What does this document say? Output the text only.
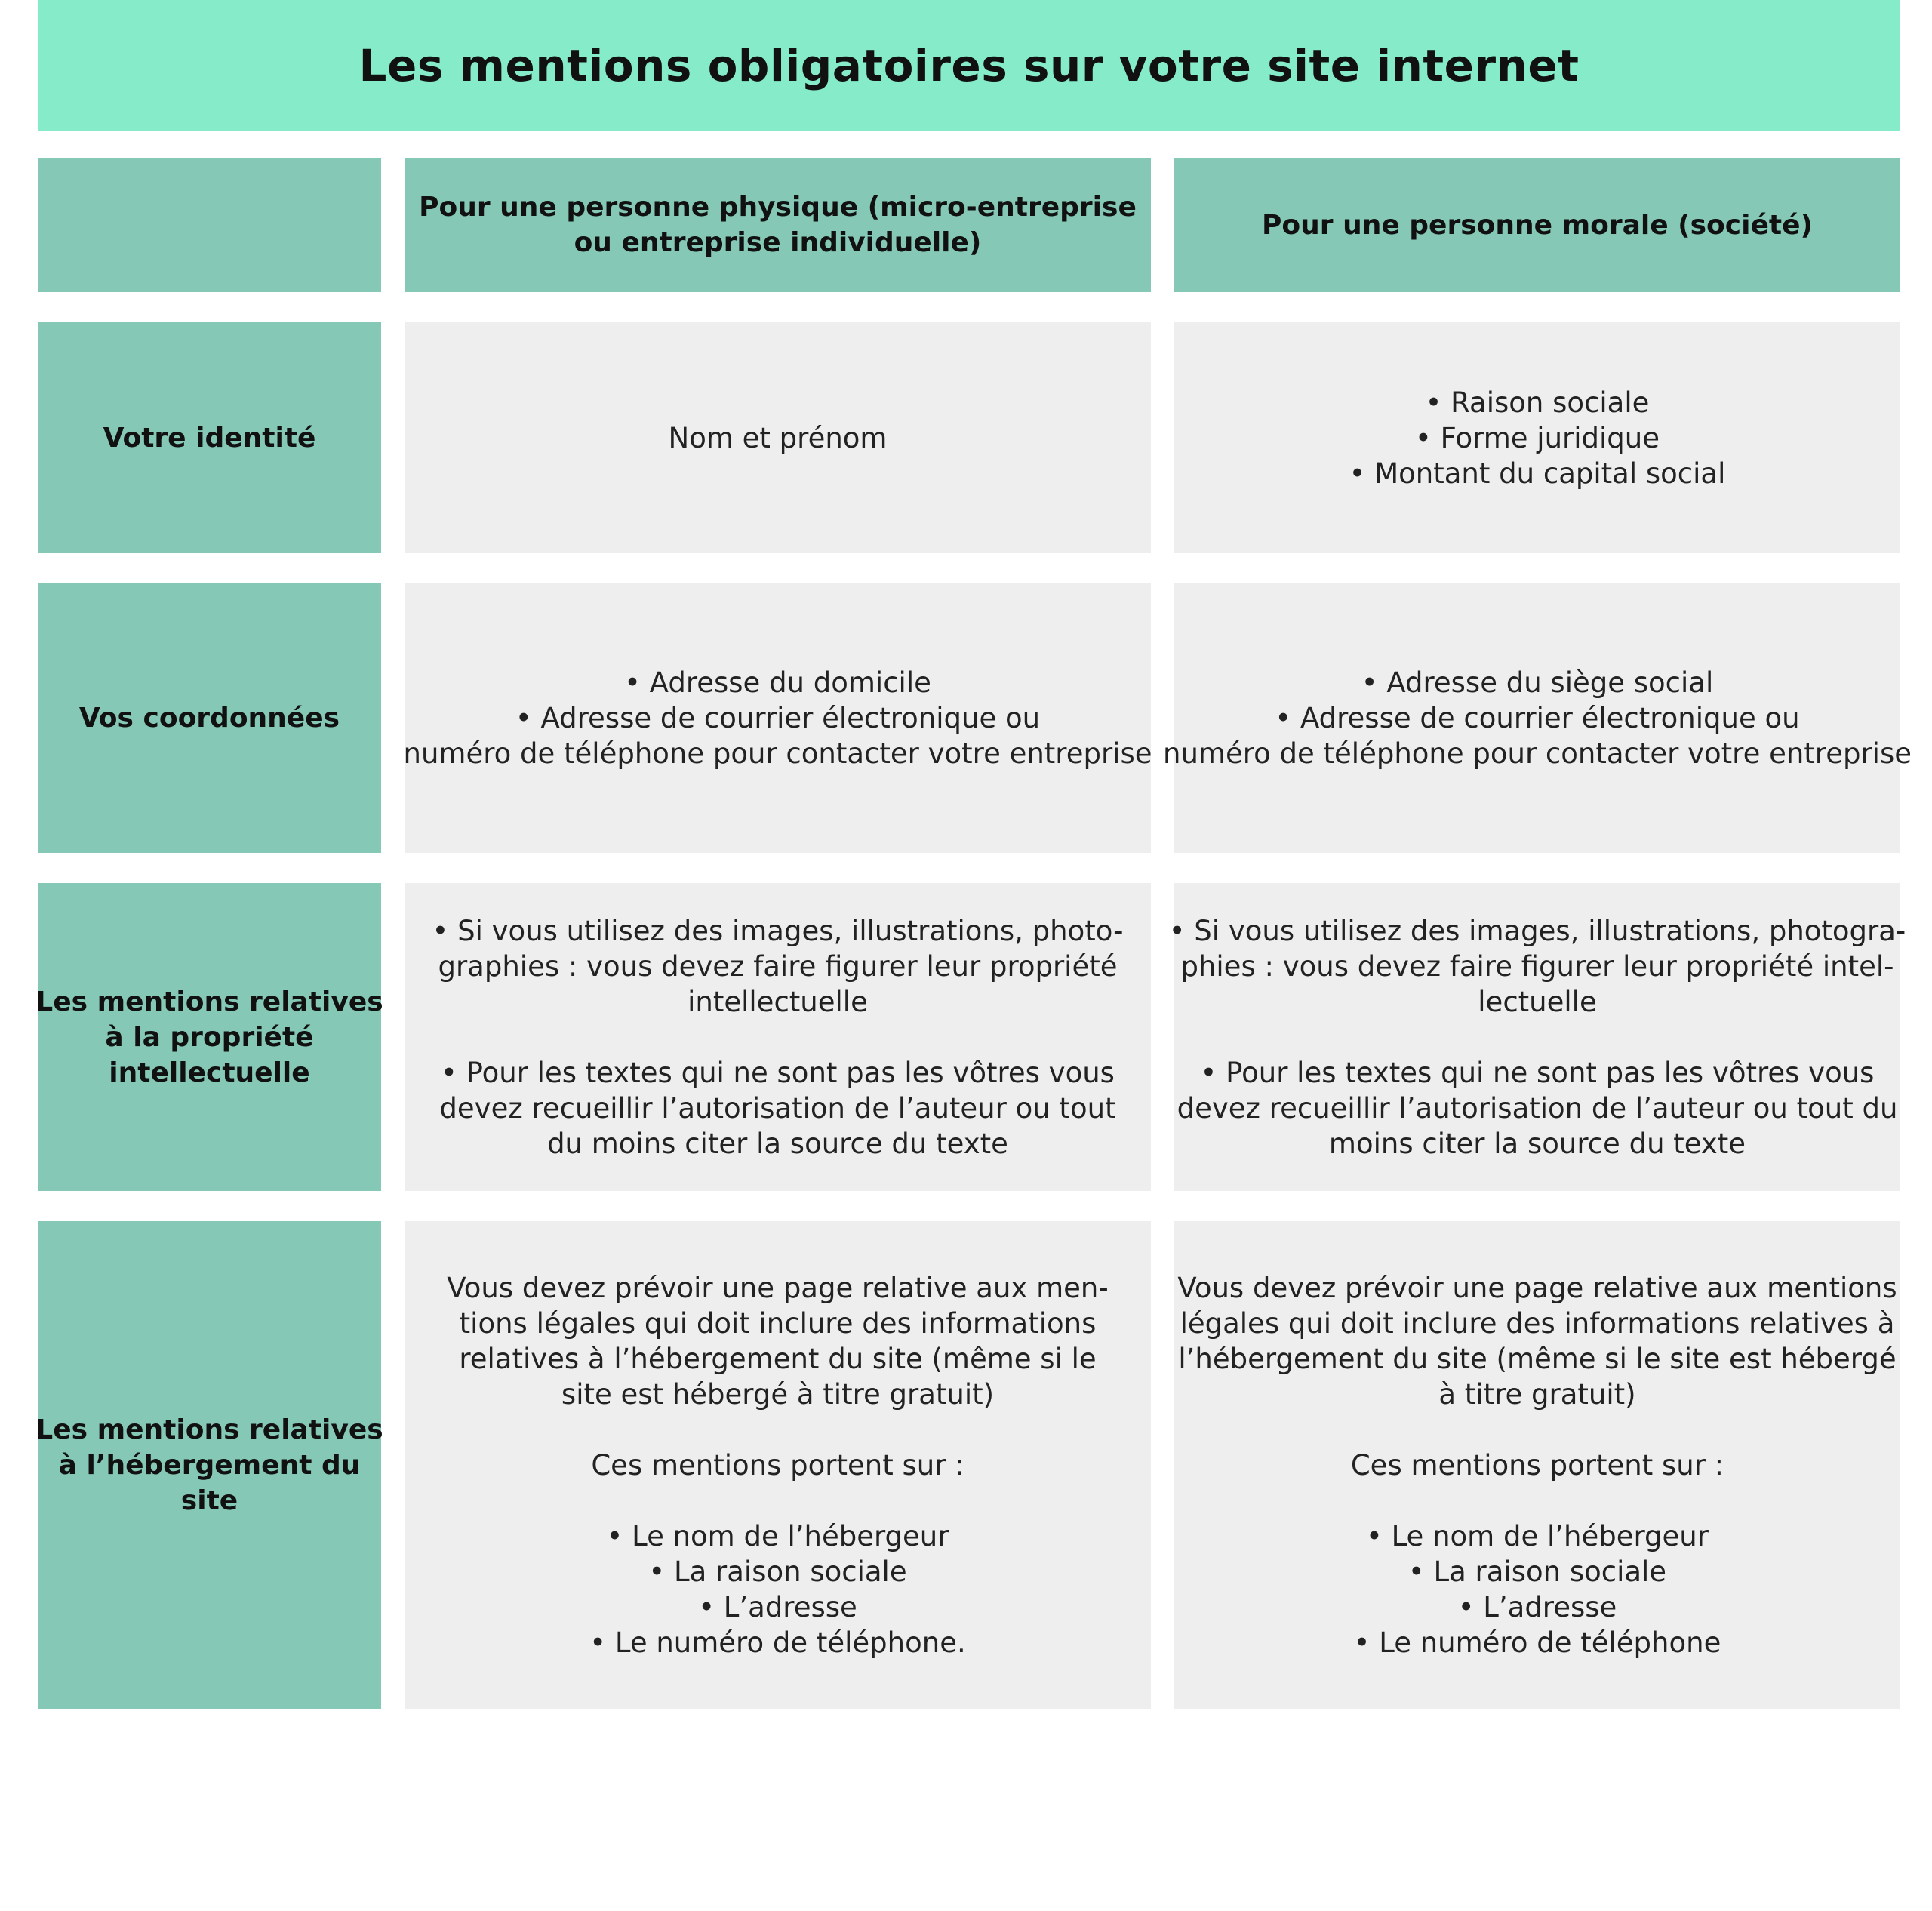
Les mentions obligatoires sur votre site internet
Pour une personne physique (micro-entreprise
ou entreprise individuelle)
Pour une personne morale (société)
Votre identité	Nom et prénom
• Raison sociale
• Forme juridique
• Montant du capital social
Vos coordonnées
• Adresse du domicile
• Adresse de courrier électronique ou
numéro de téléphone pour contacter votre entreprise
• Adresse du siège social
• Adresse de courrier électronique ou
numéro de téléphone pour contacter votre entreprise
Les mentions relatives
à la propriété
intellectuelle
• Si vous utilisez des images, illustrations, photo-
graphies : vous devez faire figurer leur propriété
intellectuelle
• Pour les textes qui ne sont pas les vôtres vous
devez recueillir l’autorisation de l’auteur ou tout
du moins citer la source du texte
• Si vous utilisez des images, illustrations, photogra-
phies : vous devez faire figurer leur propriété intel-
lectuelle
• Pour les textes qui ne sont pas les vôtres vous
devez recueillir l’autorisation de l’auteur ou tout du
moins citer la source du texte
Les mentions relatives
à l’hébergement du
site
Vous devez prévoir une page relative aux men-
tions légales qui doit inclure des informations
relatives à l’hébergement du site (même si le
site est hébergé à titre gratuit)
Ces mentions portent sur :
• Le nom de l’hébergeur
• La raison sociale
• L’adresse
• Le numéro de téléphone.
Vous devez prévoir une page relative aux mentions
légales qui doit inclure des informations relatives à
l’hébergement du site (même si le site est hébergé
à titre gratuit)
Ces mentions portent sur :
• Le nom de l’hébergeur
• La raison sociale
• L’adresse
• Le numéro de téléphone
